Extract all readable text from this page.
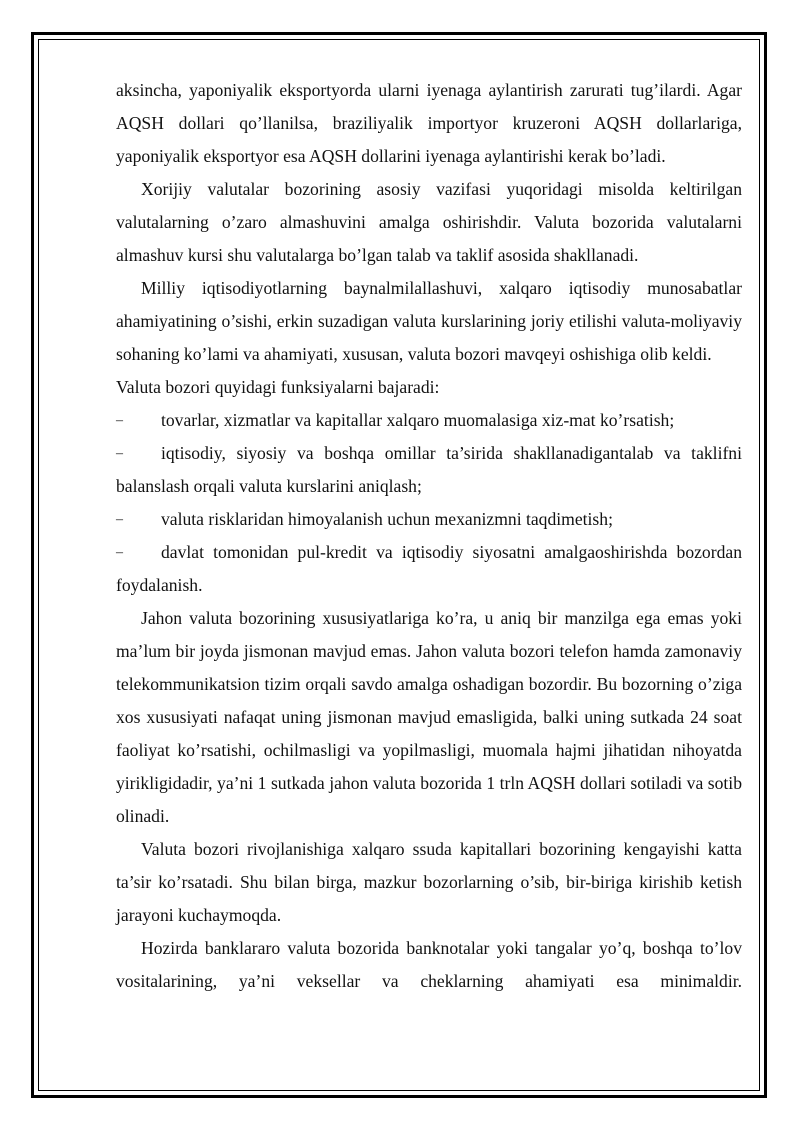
aksincha, yaponiyalik eksportyorda ularni iyenaga aylantirish zarurati tug’ilardi. Agar AQSH dollari qo’llanilsa, braziliyalik importyor kruzeroni AQSH dollarlariga, yaponiyalik eksportyor esa AQSH dollarini iyenaga aylantirishi kerak bo’ladi.

Xorijiy valutalar bozorining asosiy vazifasi yuqoridagi misolda keltirilgan valutalarning o’zaro almashuvini amalga oshirishdir. Valuta bozorida valutalarni almashuv kursi shu valutalarga bo’lgan talab va taklif asosida shakllanadi.

Milliy iqtisodiyotlarning baynalmilallashuvi, xalqaro iqtisodiy munosabatlar ahamiyatining o’sishi, erkin suzadigan valuta kurslarining joriy etilishi valuta-moliyaviy sohaning ko’lami va ahamiyati, xususan, valuta bozori mavqeyi oshishiga olib keldi.

Valuta bozori quyidagi funksiyalarni bajaradi:

– tovarlar, xizmatlar va kapitallar xalqaro muomalasiga xiz-mat ko’rsatish;
– iqtisodiy, siyosiy va boshqa omillar ta’sirida shakllanadigantalab va taklifni balanslash orqali valuta kurslarini aniqlash;
– valuta risklaridan himoyalanish uchun mexanizmni taqdimetish;
– davlat tomonidan pul-kredit va iqtisodiy siyosatni amalgaoshirishda bozordan foydalanish.

Jahon valuta bozorining xususiyatlariga ko’ra, u aniq bir manzilga ega emas yoki ma’lum bir joyda jismonan mavjud emas. Jahon valuta bozori telefon hamda zamonaviy telekommunikatsion tizim orqali savdo amalga oshadigan bozordir. Bu bozorning o’ziga xos xususiyati nafaqat uning jismonan mavjud emasligida, balki uning sutkada 24 soat faoliyat ko’rsatishi, ochilmasligi va yopilmasligi, muomala hajmi jihatidan nihoyatda yirikligidadir, ya’ni 1 sutkada jahon valuta bozorida 1 trln AQSH dollari sotiladi va sotib olinadi.

Valuta bozori rivojlanishiga xalqaro ssuda kapitallari bozorining kengayishi katta ta’sir ko’rsatadi. Shu bilan birga, mazkur bozorlarning o’sib, bir-biriga kirishib ketish jarayoni kuchaymoqda.

Hozirda banklararo valuta bozorida banknotalar yoki tangalar yo’q, boshqa to’lov vositalarining, ya’ni veksellar va cheklarning ahamiyati esa minimaldir.
